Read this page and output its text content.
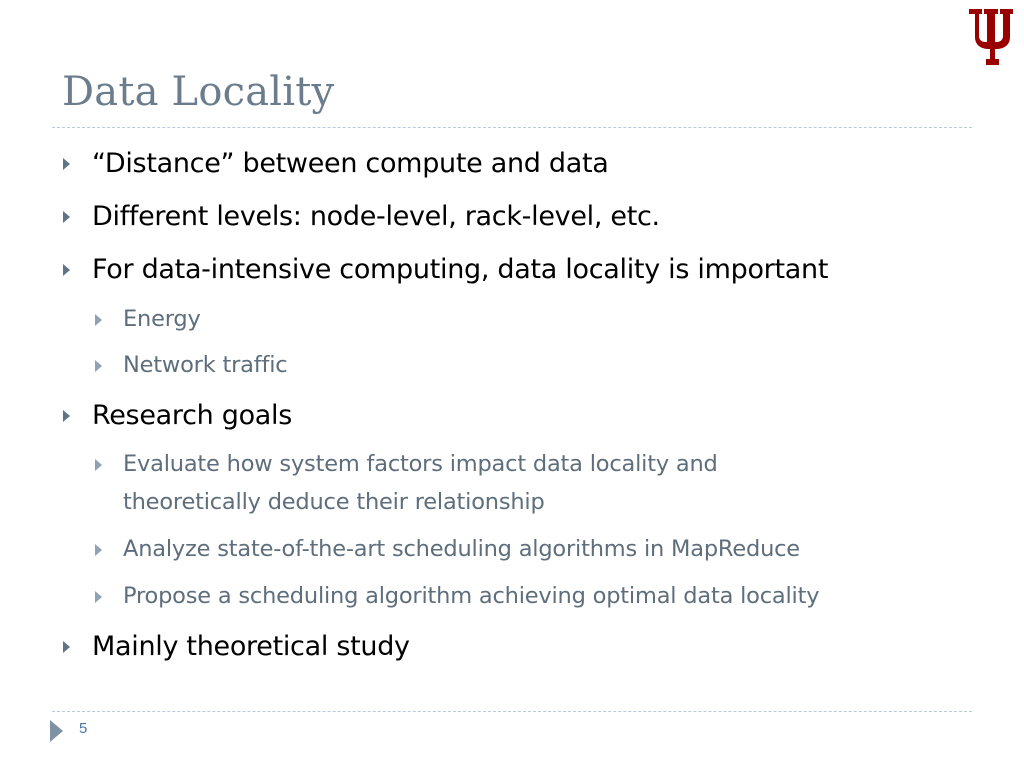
Data Locality
“Distance” between compute and data
Different levels: node-level, rack-level, etc.
For data-intensive computing, data locality is important
Energy
Network traffic
Research goals
Evaluate how system factors impact data locality and
theoretically deduce their relationship
Analyze state-of-the-art scheduling algorithms in MapReduce
Propose a scheduling algorithm achieving optimal data locality
Mainly theoretical study
5
